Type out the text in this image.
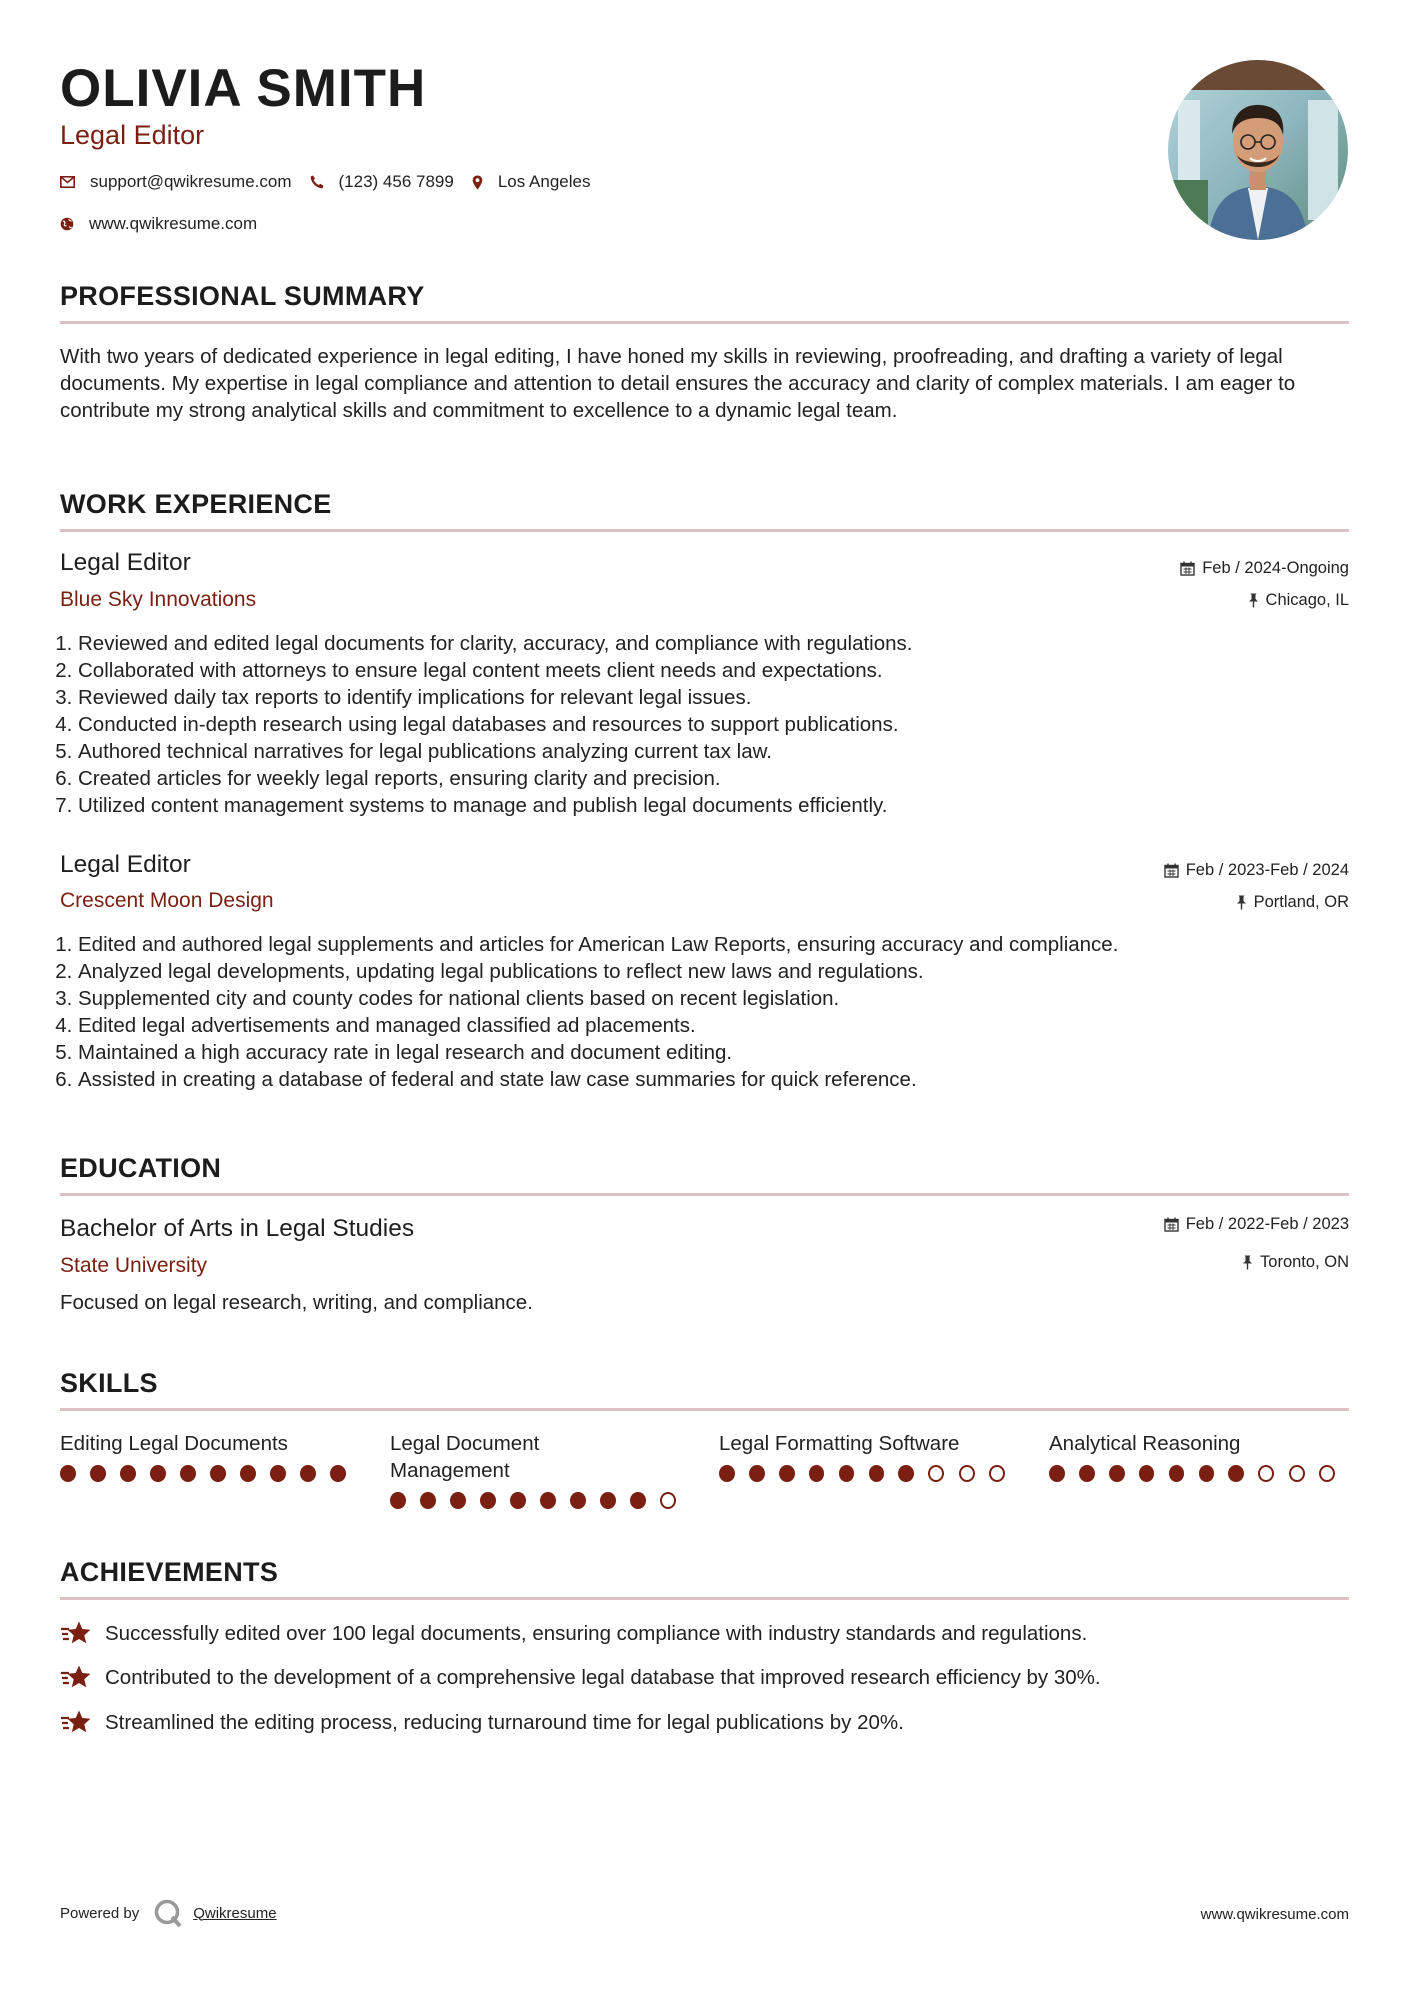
OLIVIA SMITH
Legal Editor
support@qwikresume.com	(123) 456 7899	Los Angeles
www.qwikresume.com
PROFESSIONAL SUMMARY
With two years of dedicated experience in legal editing, I have honed my skills in reviewing, proofreading, and drafting a variety of legal documents. My expertise in legal compliance and attention to detail ensures the accuracy and clarity of complex materials. I am eager to contribute my strong analytical skills and commitment to excellence to a dynamic legal team.
WORK EXPERIENCE
Legal Editor
Blue Sky Innovations
Feb / 2024-Ongoing
Chicago, IL
1. Reviewed and edited legal documents for clarity, accuracy, and compliance with regulations.
2. Collaborated with attorneys to ensure legal content meets client needs and expectations.
3. Reviewed daily tax reports to identify implications for relevant legal issues.
4. Conducted in-depth research using legal databases and resources to support publications.
5. Authored technical narratives for legal publications analyzing current tax law.
6. Created articles for weekly legal reports, ensuring clarity and precision.
7. Utilized content management systems to manage and publish legal documents efficiently.
Legal Editor
Crescent Moon Design
Feb / 2023-Feb / 2024
Portland, OR
1. Edited and authored legal supplements and articles for American Law Reports, ensuring accuracy and compliance.
2. Analyzed legal developments, updating legal publications to reflect new laws and regulations.
3. Supplemented city and county codes for national clients based on recent legislation.
4. Edited legal advertisements and managed classified ad placements.
5. Maintained a high accuracy rate in legal research and document editing.
6. Assisted in creating a database of federal and state law case summaries for quick reference.
EDUCATION
Bachelor of Arts in Legal Studies
State University
Feb / 2022-Feb / 2023
Toronto, ON
Focused on legal research, writing, and compliance.
SKILLS
Editing Legal Documents	Legal Document Management
Legal Formatting Software	Analytical Reasoning
ACHIEVEMENTS
Successfully edited over 100 legal documents, ensuring compliance with industry standards and regulations.
Contributed to the development of a comprehensive legal database that improved research efficiency by 30%.
Streamlined the editing process, reducing turnaround time for legal publications by 20%.
Powered by	Qwikresume	www.qwikresume.com
